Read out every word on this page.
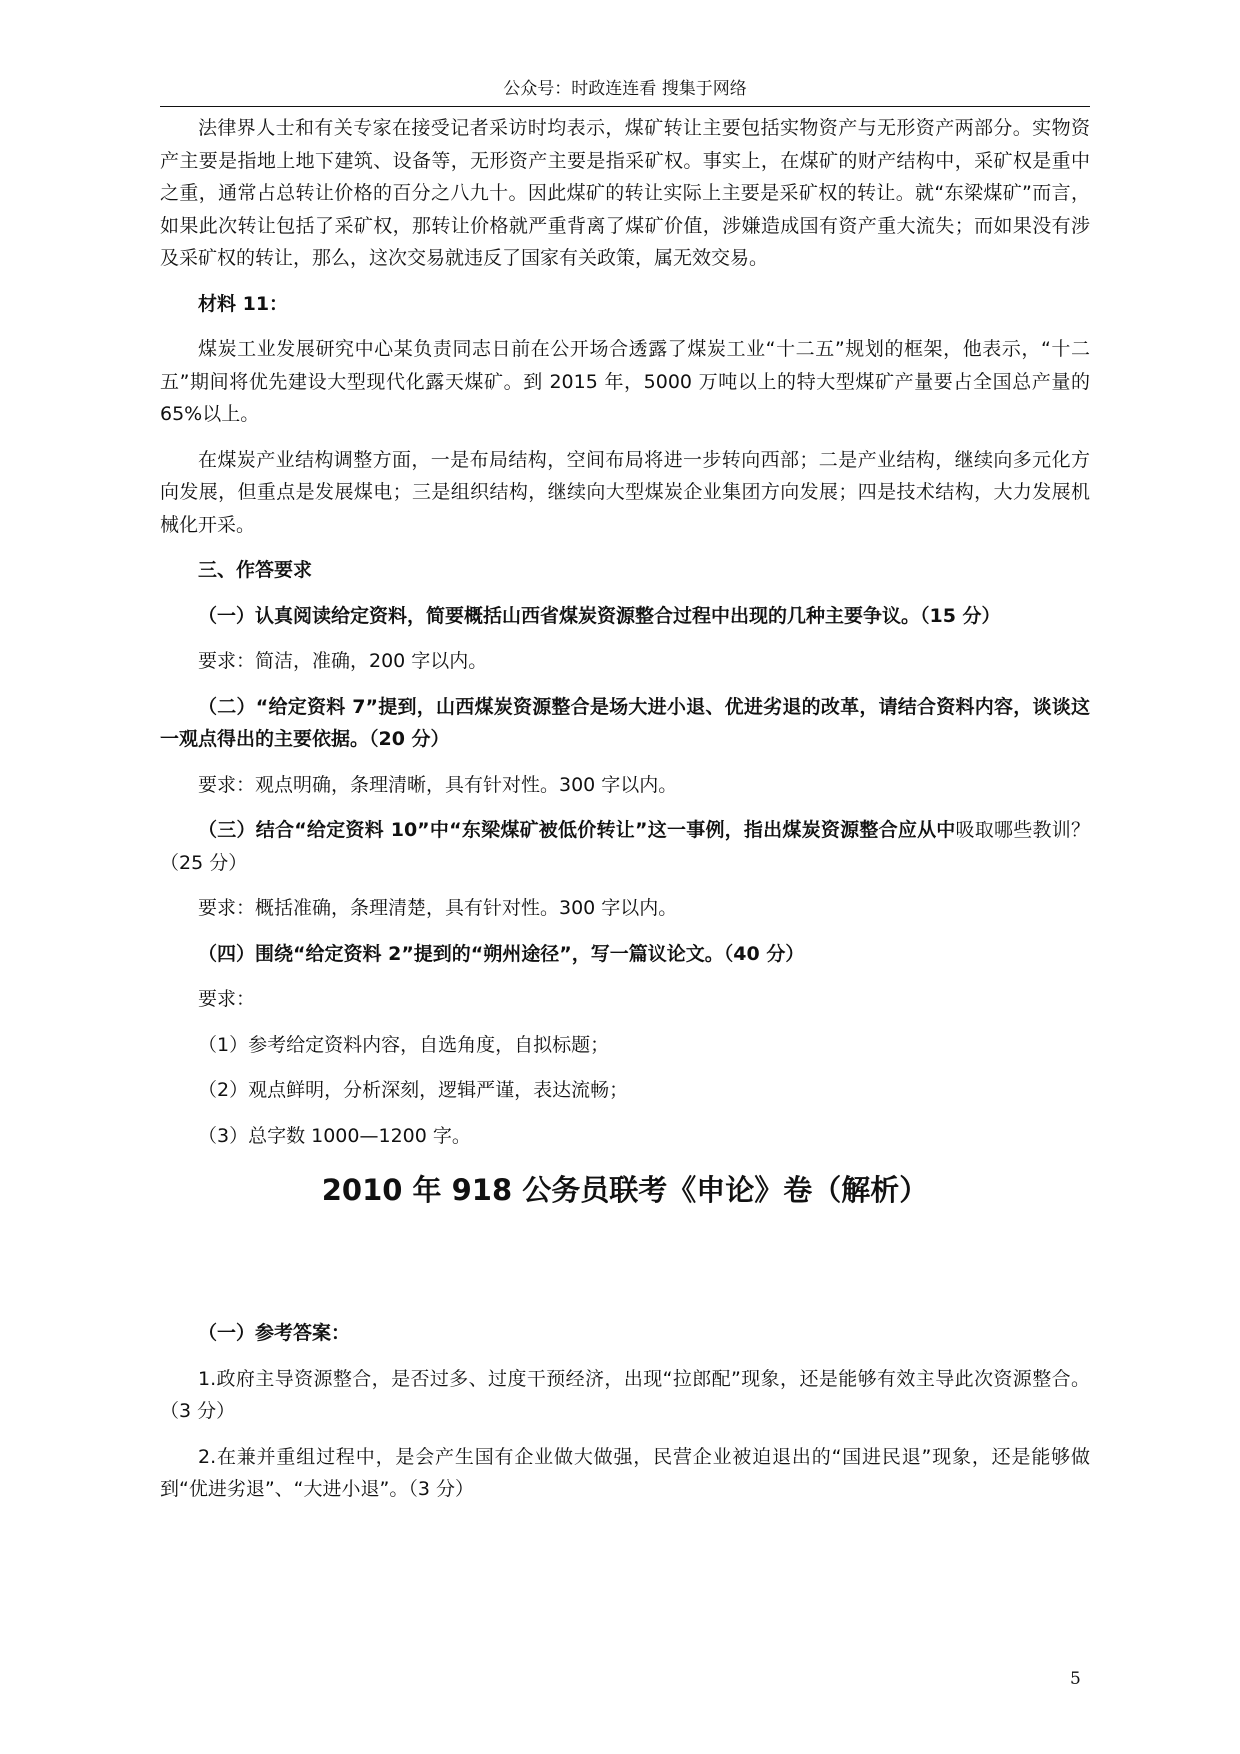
公众号：时政连连看 搜集于网络

法律界人士和有关专家在接受记者采访时均表示，煤矿转让主要包括实物资产与无形资产两部分。实物资产主要是指地上地下建筑、设备等，无形资产主要是指采矿权。事实上，在煤矿的财产结构中，采矿权是重中之重，通常占总转让价格的百分之八九十。因此煤矿的转让实际上主要是采矿权的转让。就“东梁煤矿”而言，如果此次转让包括了采矿权，那转让价格就严重背离了煤矿价值，涉嫌造成国有资产重大流失；而如果没有涉及采矿权的转让，那么，这次交易就违反了国家有关政策，属无效交易。

材料 11：

煤炭工业发展研究中心某负责同志日前在公开场合透露了煤炭工业“十二五”规划的框架，他表示，“十二五”期间将优先建设大型现代化露天煤矿。到 2015 年，5000 万吨以上的特大型煤矿产量要占全国总产量的 65%以上。

在煤炭产业结构调整方面，一是布局结构，空间布局将进一步转向西部；二是产业结构，继续向多元化方向发展，但重点是发展煤电；三是组织结构，继续向大型煤炭企业集团方向发展；四是技术结构，大力发展机械化开采。

三、作答要求

（一）认真阅读给定资料，简要概括山西省煤炭资源整合过程中出现的几种主要争议。（15 分）

要求：简洁，准确，200 字以内。

（二）“给定资料 7”提到，山西煤炭资源整合是场大进小退、优进劣退的改革，请结合资料内容，谈谈这一观点得出的主要依据。（20 分）

要求：观点明确，条理清晰，具有针对性。300 字以内。

（三）结合“给定资料 10”中“东梁煤矿被低价转让”这一事例，指出煤炭资源整合应从中吸取哪些教训？（25 分）

要求：概括准确，条理清楚，具有针对性。300 字以内。

（四）围绕“给定资料 2”提到的“朔州途径”，写一篇议论文。（40 分）

要求：

（1）参考给定资料内容，自选角度，自拟标题；

（2）观点鲜明，分析深刻，逻辑严谨，表达流畅；

（3）总字数 1000—1200 字。

2010 年 918 公务员联考《申论》卷（解析）

（一）参考答案：

1.政府主导资源整合，是否过多、过度干预经济，出现“拉郎配”现象，还是能够有效主导此次资源整合。（3 分）

2.在兼并重组过程中，是会产生国有企业做大做强，民营企业被迫退出的“国进民退”现象，还是能够做到“优进劣退”、“大进小退”。（3 分）

5
